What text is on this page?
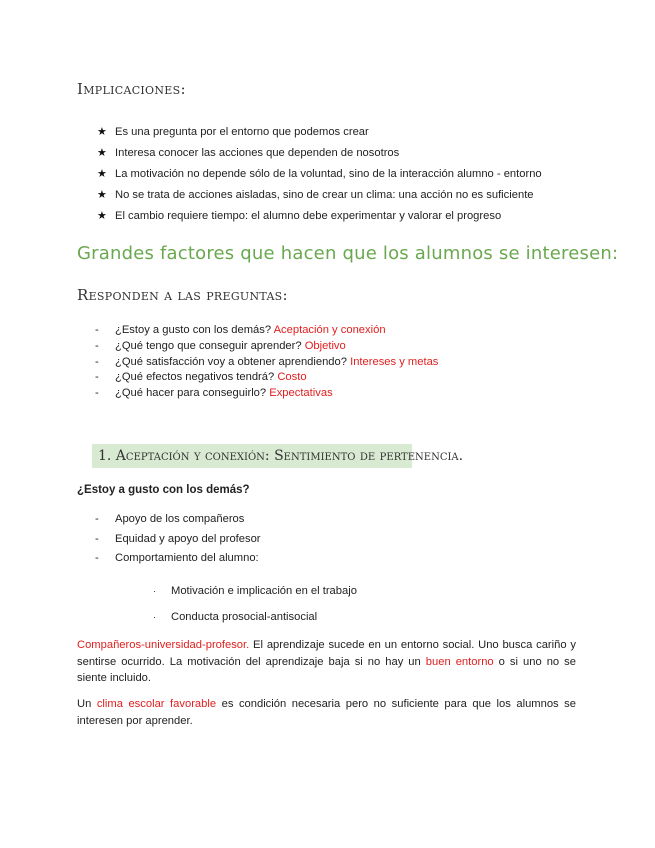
Implicaciones:
★ Es una pregunta por el entorno que podemos crear
★ Interesa conocer las acciones que dependen de nosotros
★ La motivación no depende sólo de la voluntad, sino de la interacción alumno - entorno
★ No se trata de acciones aisladas, sino de crear un clima: una acción no es suficiente
★ El cambio requiere tiempo: el alumno debe experimentar y valorar el progreso
Grandes factores que hacen que los alumnos se interesen:
Responden a las preguntas:
- ¿Estoy a gusto con los demás? Aceptación y conexión
- ¿Qué tengo que conseguir aprender? Objetivo
- ¿Qué satisfacción voy a obtener aprendiendo? Intereses y metas
- ¿Qué efectos negativos tendrá? Costo
- ¿Qué hacer para conseguirlo? Expectativas
1. Aceptación y conexión: Sentimiento de pertenencia.
¿Estoy a gusto con los demás?
- Apoyo de los compañeros
- Equidad y apoyo del profesor
- Comportamiento del alumno:
· Motivación e implicación en el trabajo
· Conducta prosocial-antisocial
Compañeros-universidad-profesor. El aprendizaje sucede en un entorno social. Uno busca cariño y sentirse ocurrido. La motivación del aprendizaje baja si no hay un buen entorno o si uno no se siente incluido.
Un clima escolar favorable es condición necesaria pero no suficiente para que los alumnos se interesen por aprender.
